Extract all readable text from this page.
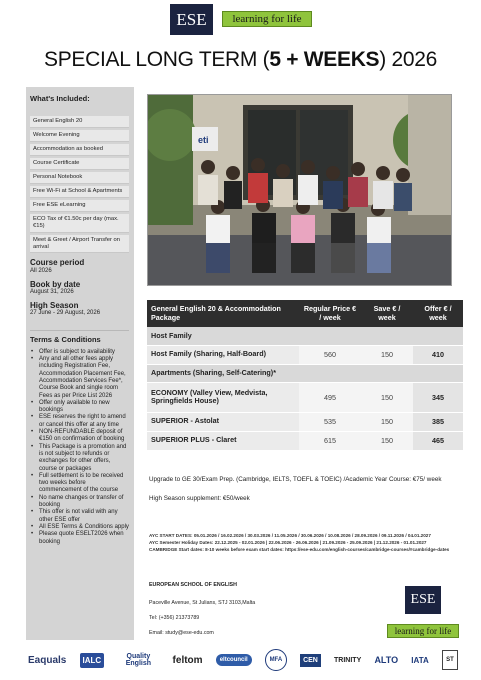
ESE learning for life
SPECIAL LONG TERM (5 + WEEKS) 2026
What's Included:
General English 20
Welcome Evening
Accommodation as booked
Course Certificate
Personal Notebook
Free Wi-Fi at School & Apartments
Free ESE eLearning
ECO Tax of €1.50c per day (max. €15)
Meet & Greet / Airport Transfer on arrival
Course period
All 2026
Book by date
August 31, 2026
High Season
27 June - 29 August, 2026
Terms & Conditions
• Offer is subject to availability
• Any and all other fees apply including Registration Fee, Accommodation Placement Fee, Accommodation Services Fee*, Course Book and single room Fees as per Price List 2026
• Offer only available to new bookings
• ESE reserves the right to amend or cancel this offer at any time
• NON-REFUNDABLE deposit of €150 on confirmation of booking
• This Package is a promotion and is not subject to refunds or exchanges for other offers, course or packages
• Full settlement is to be received two weeks before commencement of the course
• No name changes or transfer of booking
• This offer is not valid with any other ESE offer
• All ESE Terms & Conditions apply
• Please quote ESELT2026 when booking
eti
General English 20 & Accommodation Package	Regular Price € / week	Save € / week	Offer € / week
Host Family			
Host Family (Sharing, Half-Board)	560	150	410
Apartments (Sharing, Self-Catering)*			
ECONOMY (Valley View, Medvista, Springfields House)	495	150	345
SUPERIOR - Astolat	535	150	385
SUPERIOR PLUS - Claret	615	150	465
Upgrade to GE 30/Exam Prep. (Cambridge, IELTS, TOEFL & TOEIC) /Academic Year Course: €75/ week
High Season supplement: €50/week
AYC START DATES: 05.01.2026 / 16.02.2026 / 30.03.2026 / 11.05.2026 / 30.06.2026 / 10.08.2026 / 28.09.2026 / 09.11.2026 / 04.01.2027
AYC Semester Holiday Dates: 22.12.2025 - 02.01.2026 | 22.06.2026 - 26.06.2026 | 21.09.2026 - 25.09.2026 | 21.12.2026 - 01.01.2027
CAMBRIDGE Start dates: 8-10 weeks before exam start dates: https://ese-edu.com/english-courses/cambridge-courses/#cambridge-dates
EUROPEAN SCHOOL OF ENGLISH
Paceville Avenue, St Julians, STJ 3103,Malta
Tel: (+356) 21373789
Email: study@ese-edu.com
ESE
learning for life
Eaquals	IALC	Quality English	feltom	eltcouncil	MFA	CEN	TRINITY ALTO IATA	ST
